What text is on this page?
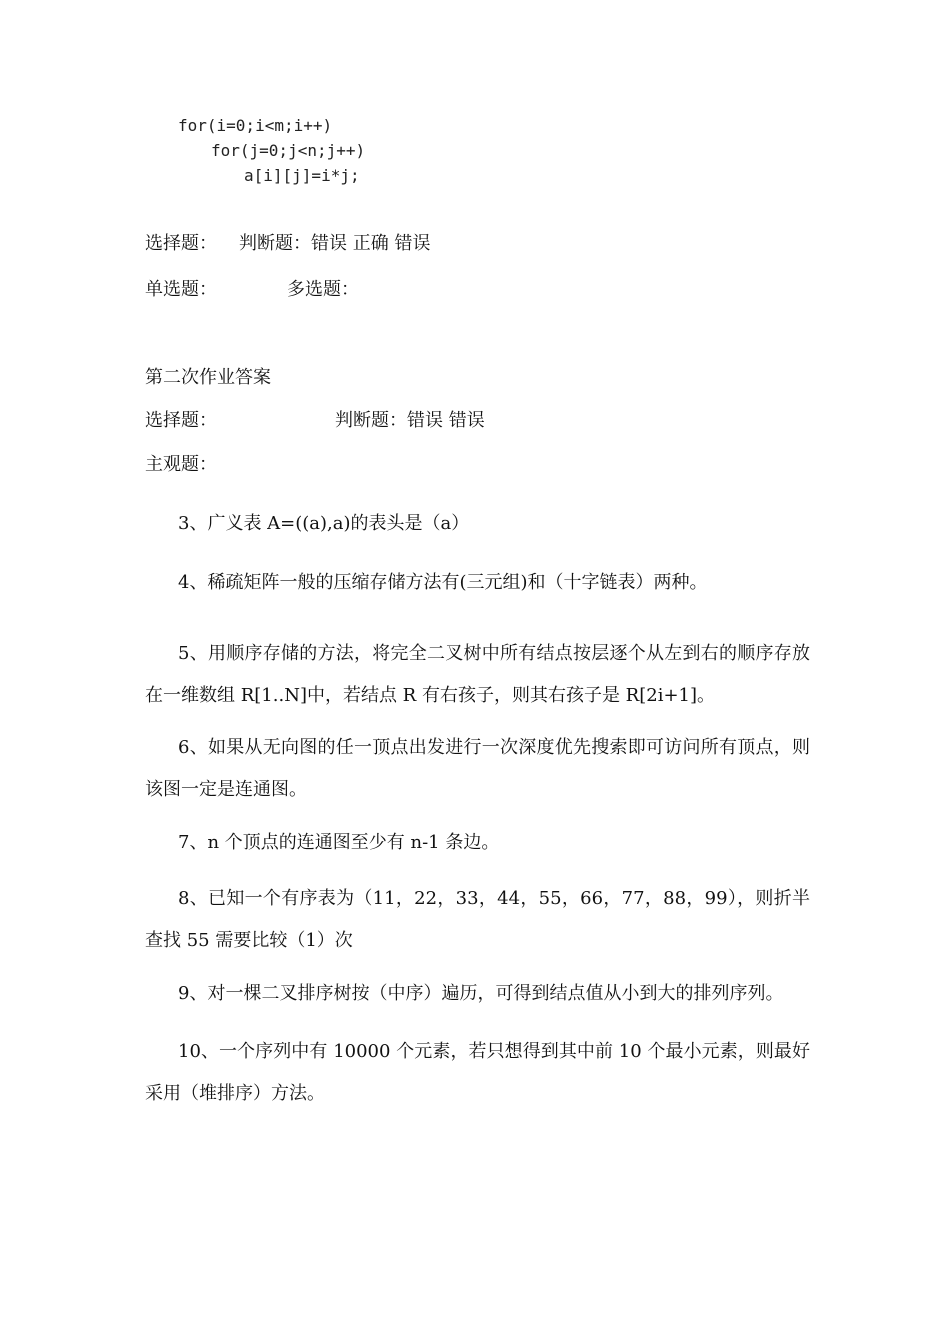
for(i=0;i<m;i++)
for(j=0;j<n;j++)
a[i][j]=i*j;
选择题： 判断题：错误 正确 错误
单选题：	多选题：
第二次作业答案
选择题：	判断题：错误 错误
主观题：
3、广义表 A=((a),a)的表头是（a）
4、稀疏矩阵一般的压缩存储方法有(三元组)和（十字链表）两种。
5、用顺序存储的方法，将完全二叉树中所有结点按层逐个从左到右的顺序存放在一维数组 R[1..N]中，若结点 R 有右孩子，则其右孩子是 R[2i+1]。
6、如果从无向图的任一顶点出发进行一次深度优先搜索即可访问所有顶点，则该图一定是连通图。
7、n 个顶点的连通图至少有 n-1 条边。
8、已知一个有序表为（11，22，33，44，55，66，77，88，99），则折半查找 55 需要比较（1）次
9、对一棵二叉排序树按（中序）遍历，可得到结点值从小到大的排列序列。
10、一个序列中有 10000 个元素，若只想得到其中前 10 个最小元素，则最好采用（堆排序）方法。
